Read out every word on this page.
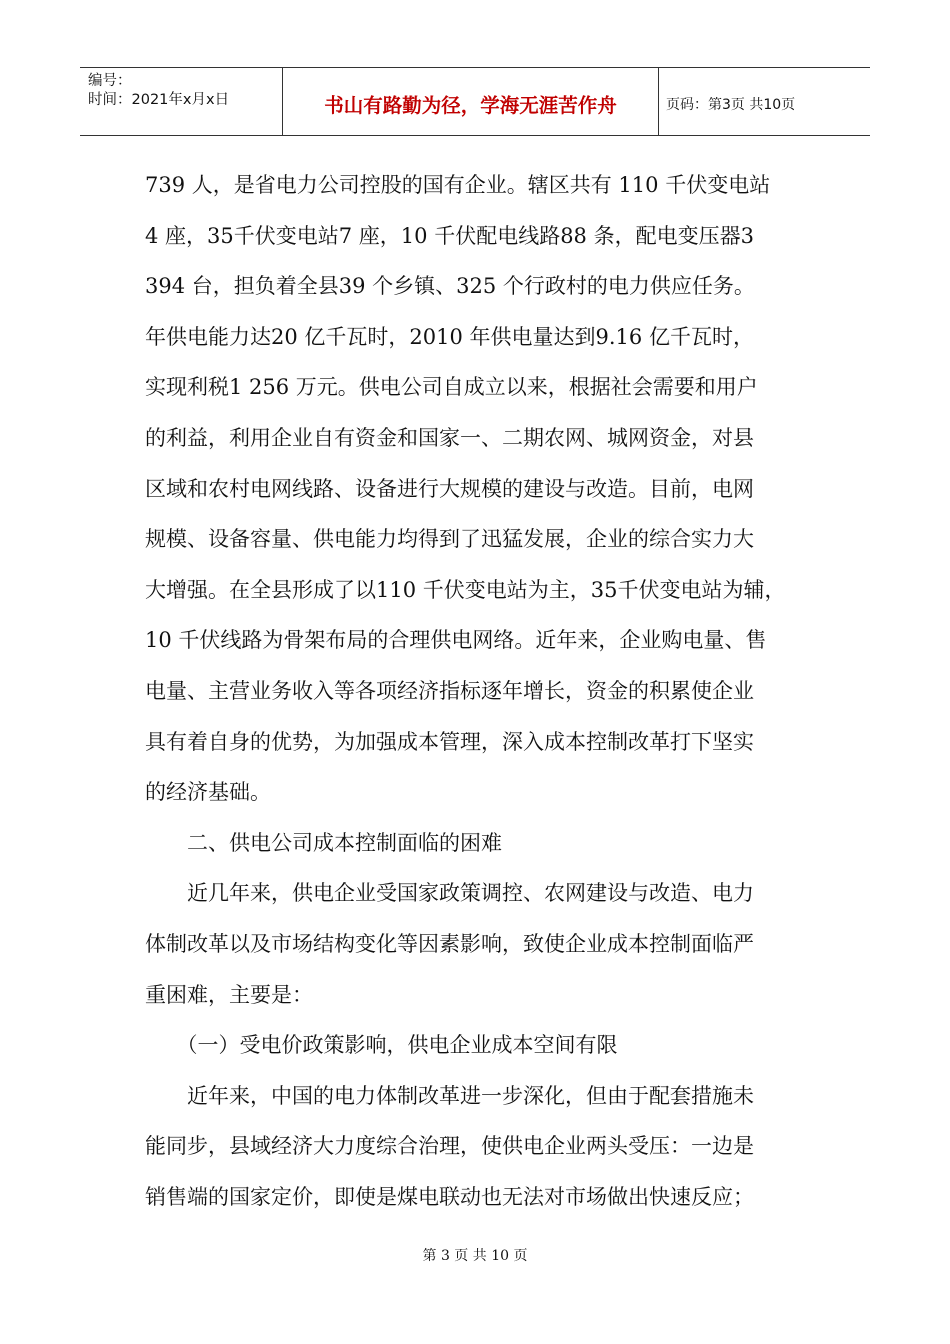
编号：
时间：2021年x月x日	书山有路勤为径，学海无涯苦作舟	页码：第3页 共10页
739 人，是省电力公司控股的国有企业。辖区共有 110 千伏变电站
4 座，35千伏变电站7 座，10 千伏配电线路88 条，配电变压器3
394 台，担负着全县39 个乡镇、325 个行政村的电力供应任务。
年供电能力达20 亿千瓦时，2010 年供电量达到9.16 亿千瓦时，
实现利税1 256 万元。供电公司自成立以来，根据社会需要和用户
的利益，利用企业自有资金和国家一、二期农网、城网资金，对县
区域和农村电网线路、设备进行大规模的建设与改造。目前，电网
规模、设备容量、供电能力均得到了迅猛发展，企业的综合实力大
大增强。在全县形成了以110 千伏变电站为主，35千伏变电站为辅，
10 千伏线路为骨架布局的合理供电网络。近年来，企业购电量、售
电量、主营业务收入等各项经济指标逐年增长，资金的积累使企业
具有着自身的优势，为加强成本管理，深入成本控制改革打下坚实
的经济基础。
　　二、供电公司成本控制面临的困难
　　近几年来，供电企业受国家政策调控、农网建设与改造、电力
体制改革以及市场结构变化等因素影响，致使企业成本控制面临严
重困难，主要是：
　　（一）受电价政策影响，供电企业成本空间有限
　　近年来，中国的电力体制改革进一步深化，但由于配套措施未
能同步，县域经济大力度综合治理，使供电企业两头受压：一边是
销售端的国家定价，即使是煤电联动也无法对市场做出快速反应；
第 3 页 共 10 页
